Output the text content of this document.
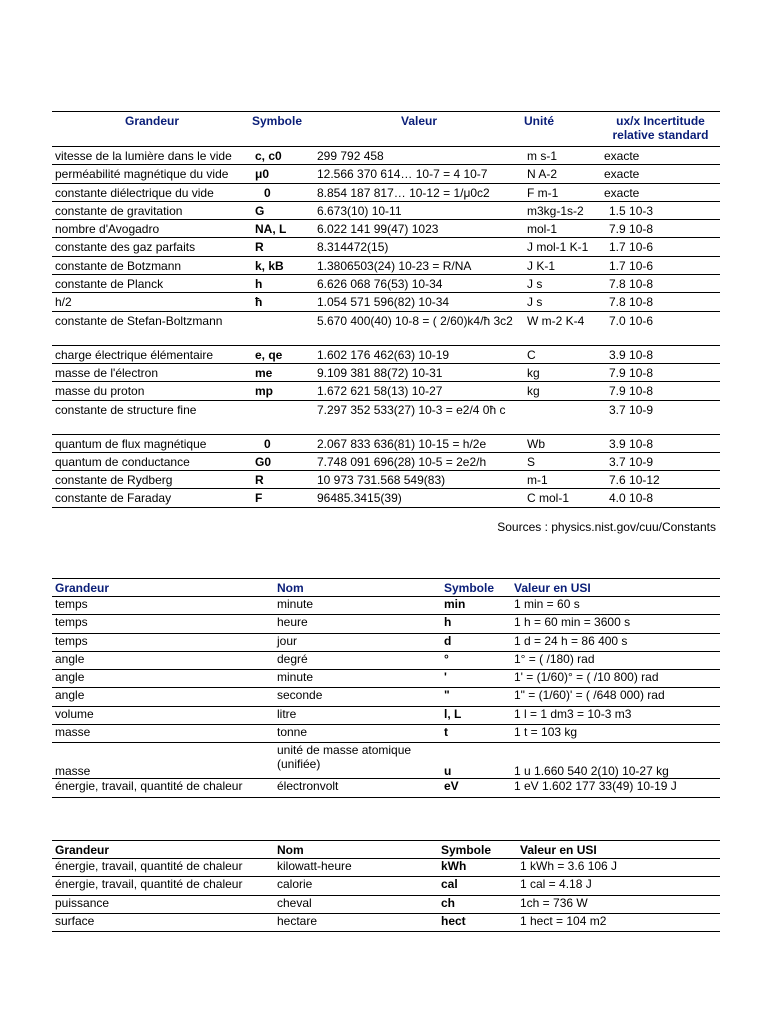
Grandeur	Symbole	Valeur	Unité	ux/x Incertitude relative standard
vitesse de la lumière dans le vide	c, c0	299 792 458	m s-1	exacte
perméabilité magnétique du vide	μ0	12.566 370 614… 10-7 = 4 10-7	N A-2	exacte
constante diélectrique du vide	0	8.854 187 817… 10-12 = 1/μ0c2	F m-1	exacte
constante de gravitation	G	6.673(10) 10-11	m3kg-1s-2	1.5 10-3
nombre d'Avogadro	NA, L	6.022 141 99(47) 1023	mol-1	7.9 10-8
constante des gaz parfaits	R	8.314472(15)	J mol-1 K-1	1.7 10-6
constante de Botzmann	k, kB	1.3806503(24) 10-23 = R/NA	J K-1	1.7 10-6
constante de Planck	h	6.626 068 76(53) 10-34	J s	7.8 10-8
h/2	ħ	1.054 571 596(82) 10-34	J s	7.8 10-8
constante de Stefan-Boltzmann		5.670 400(40) 10-8 = ( 2/60)k4/ħ 3c2	W m-2 K-4	7.0 10-6
charge électrique élémentaire	e, qe	1.602 176 462(63) 10-19	C	3.9 10-8
masse de l'électron	me	9.109 381 88(72) 10-31	kg	7.9 10-8
masse du proton	mp	1.672 621 58(13) 10-27	kg	7.9 10-8
constante de structure fine		7.297 352 533(27) 10-3 = e2/4 0ħ c		3.7 10-9
quantum de flux magnétique	0	2.067 833 636(81) 10-15 = h/2e	Wb	3.9 10-8
quantum de conductance	G0	7.748 091 696(28) 10-5 = 2e2/h	S	3.7 10-9
constante de Rydberg	R	10 973 731.568 549(83)	m-1	7.6 10-12
constante de Faraday	F	96485.3415(39)	C mol-1	4.0 10-8
Sources : physics.nist.gov/cuu/Constants
Grandeur	Nom	Symbole	Valeur en USI
temps	minute	min	1 min = 60 s
temps	heure	h	1 h = 60 min = 3600 s
temps	jour	d	1 d = 24 h = 86 400 s
angle	degré	°	1° = ( /180) rad
angle	minute	'	1' = (1/60)° = ( /10 800) rad
angle	seconde	"	1" = (1/60)' = ( /648 000) rad
volume	litre	l, L	1 l = 1 dm3 = 10-3 m3
masse	tonne	t	1 t = 103 kg
masse	unité de masse atomique (unifiée)	u	1 u 1.660 540 2(10) 10-27 kg
énergie, travail, quantité de chaleur	électronvolt	eV	1 eV 1.602 177 33(49) 10-19 J
Grandeur	Nom	Symbole	Valeur en USI
énergie, travail, quantité de chaleur	kilowatt-heure	kWh	1 kWh = 3.6 106 J
énergie, travail, quantité de chaleur	calorie	cal	1 cal = 4.18 J
puissance	cheval	ch	1ch = 736 W
surface	hectare	hect	1 hect = 104 m2
